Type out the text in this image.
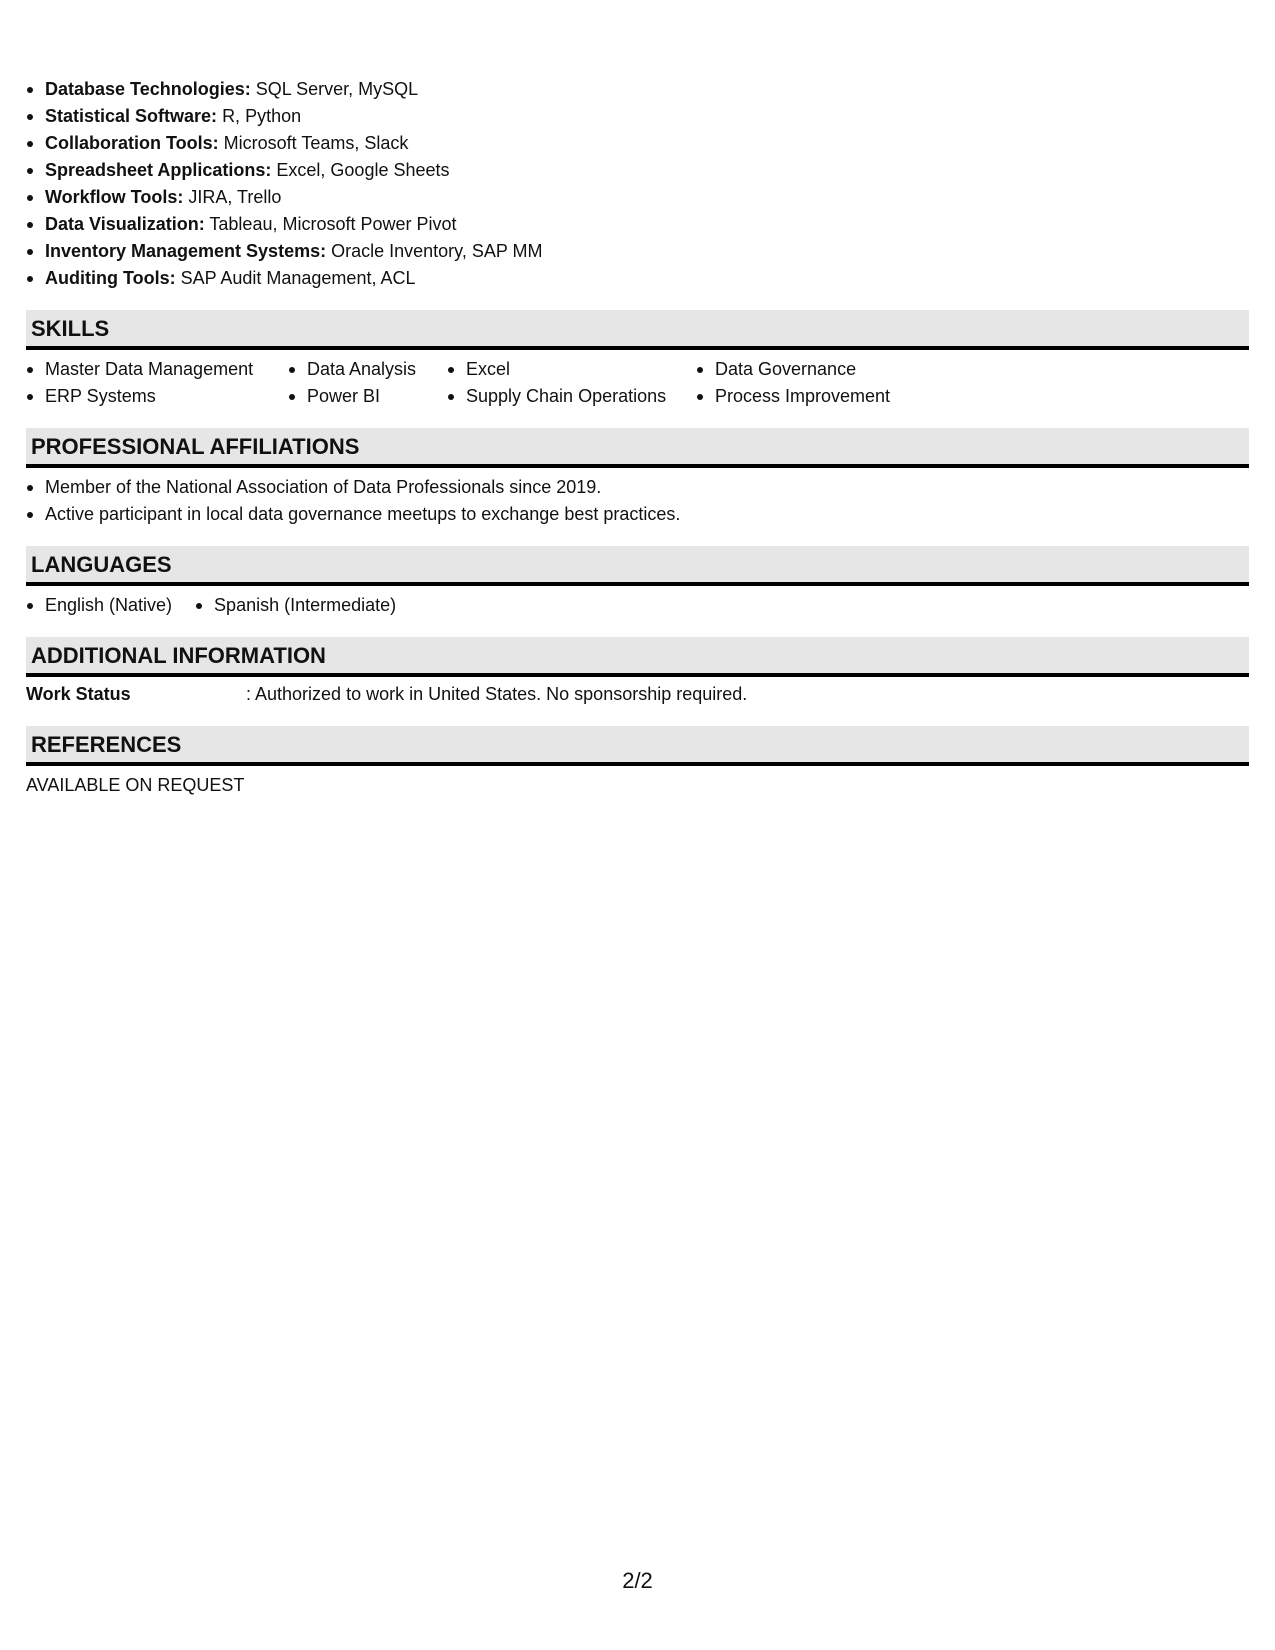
Database Technologies: SQL Server, MySQL
Statistical Software: R, Python
Collaboration Tools: Microsoft Teams, Slack
Spreadsheet Applications: Excel, Google Sheets
Workflow Tools: JIRA, Trello
Data Visualization: Tableau, Microsoft Power Pivot
Inventory Management Systems: Oracle Inventory, SAP MM
Auditing Tools: SAP Audit Management, ACL
SKILLS
Master Data Management
ERP Systems
Data Analysis
Power BI
Excel
Supply Chain Operations
Data Governance
Process Improvement
PROFESSIONAL AFFILIATIONS
Member of the National Association of Data Professionals since 2019.
Active participant in local data governance meetups to exchange best practices.
LANGUAGES
English (Native)	Spanish (Intermediate)
ADDITIONAL INFORMATION
Work Status	: Authorized to work in United States. No sponsorship required.
REFERENCES
AVAILABLE ON REQUEST
2/2
